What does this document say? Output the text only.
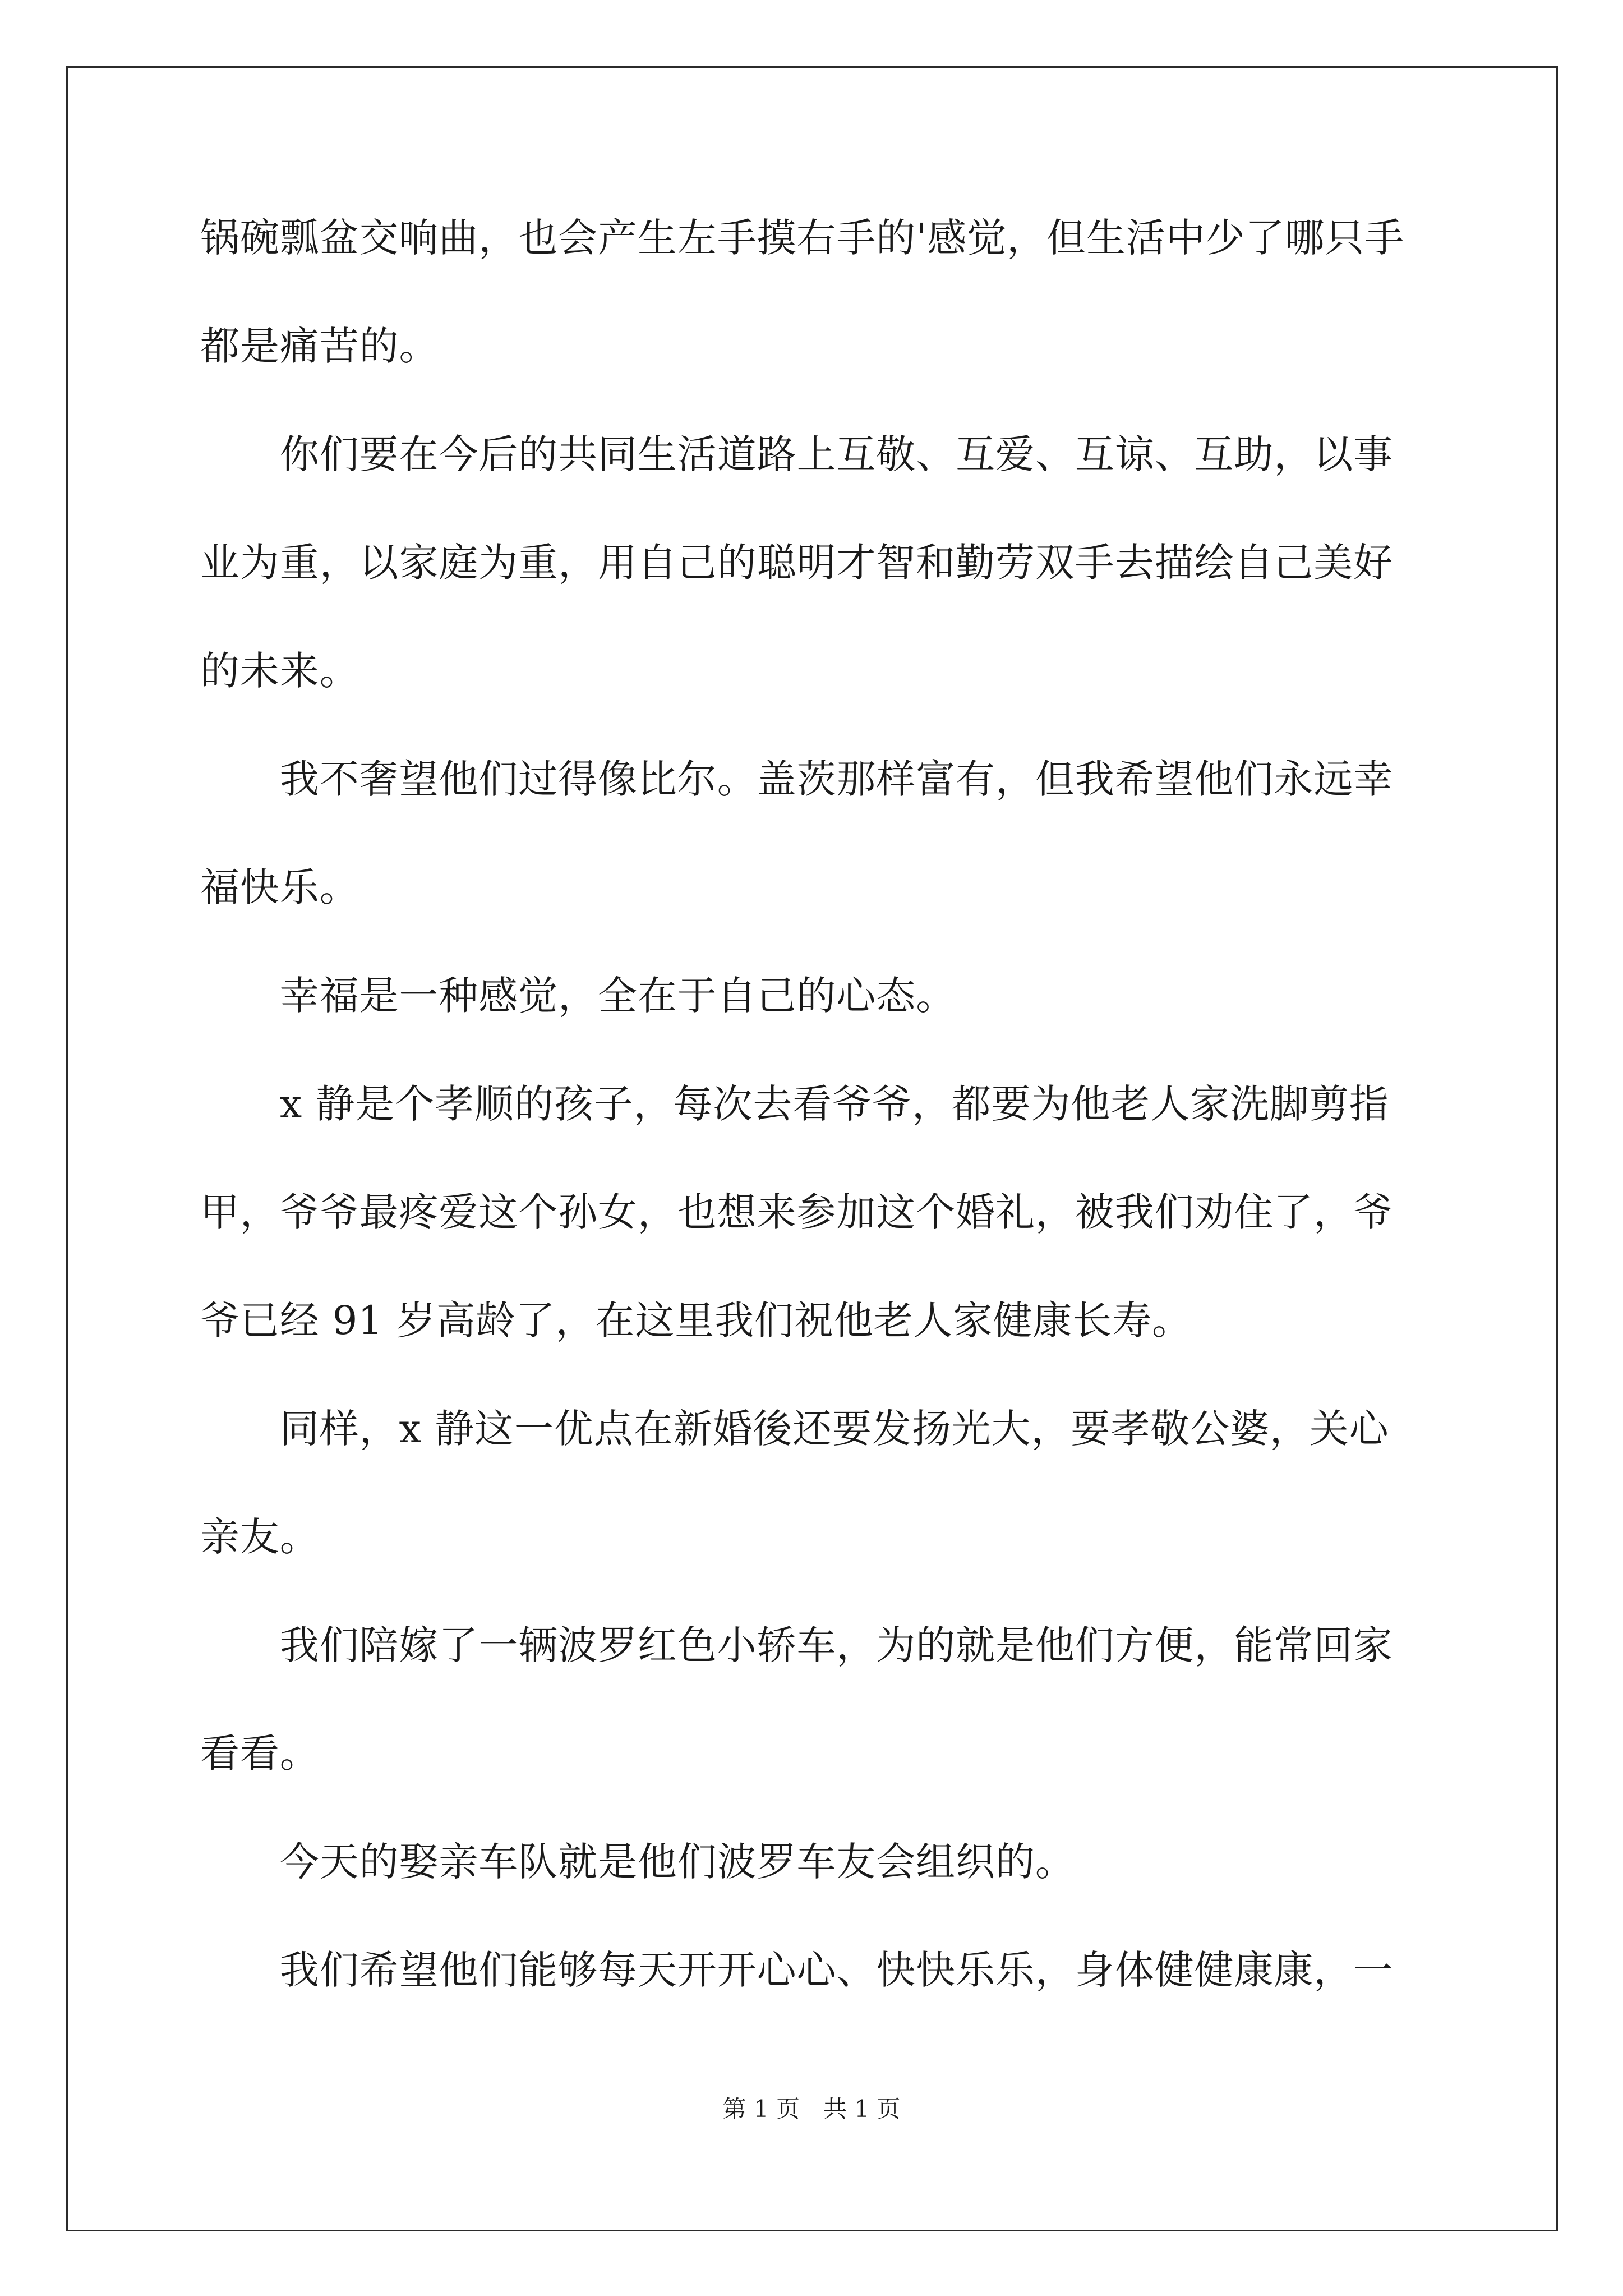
锅碗瓢盆交响曲，也会产生左手摸右手的'感觉，但生活中少了哪只手
都是痛苦的。
　　你们要在今后的共同生活道路上互敬、互爱、互谅、互助，以事
业为重，以家庭为重，用自己的聪明才智和勤劳双手去描绘自己美好
的未来。
　　我不奢望他们过得像比尔。盖茨那样富有，但我希望他们永远幸
福快乐。
　　幸福是一种感觉，全在于自己的心态。
　　x 静是个孝顺的孩子，每次去看爷爷，都要为他老人家洗脚剪指
甲，爷爷最疼爱这个孙女，也想来参加这个婚礼，被我们劝住了，爷
爷已经 91 岁高龄了，在这里我们祝他老人家健康长寿。
　　同样，x 静这一优点在新婚後还要发扬光大，要孝敬公婆，关心
亲友。
　　我们陪嫁了一辆波罗红色小轿车，为的就是他们方便，能常回家
看看。
　　今天的娶亲车队就是他们波罗车友会组织的。
　　我们希望他们能够每天开开心心、快快乐乐，身体健健康康，一
第 1 页　共 1 页
